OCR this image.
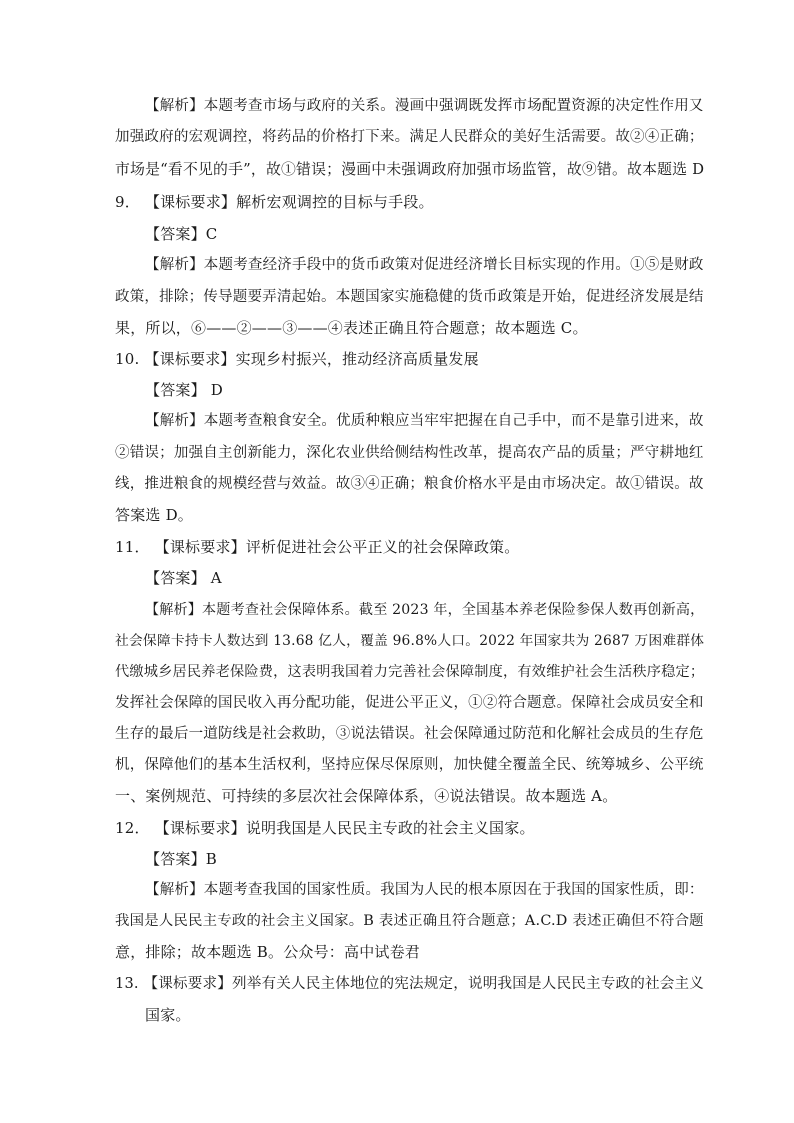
【解析】本题考查市场与政府的关系。漫画中强调既发挥市场配置资源的决定性作用又
加强政府的宏观调控，将药品的价格打下来。满足人民群众的美好生活需要。故②④正确；
市场是“看不见的手”，故①错误；漫画中未强调政府加强市场监管，故⑨错。故本题选 D
9． 【课标要求】解析宏观调控的目标与手段。
【答案】C
【解析】本题考查经济手段中的货币政策对促进经济增长目标实现的作用。①⑤是财政
政策，排除；传导题要弄清起始。本题国家实施稳健的货币政策是开始，促进经济发展是结
果，所以，⑥——②——③——④表述正确且符合题意；故本题选 C。
10. 【课标要求】实现乡村振兴，推动经济高质量发展
【答案】 D
【解析】本题考查粮食安全。优质种粮应当牢牢把握在自己手中，而不是靠引进来，故
②错误；加强自主创新能力，深化农业供给侧结构性改革，提高农产品的质量；严守耕地红
线，推进粮食的规模经营与效益。故③④正确；粮食价格水平是由市场决定。故①错误。故
答案选 D。
11． 【课标要求】评析促进社会公平正义的社会保障政策。
【答案】 A
【解析】本题考查社会保障体系。截至 2023 年，全国基本养老保险参保人数再创新高，
社会保障卡持卡人数达到 13.68 亿人，覆盖 96.8%人口。2022 年国家共为 2687 万困难群体
代缴城乡居民养老保险费，这表明我国着力完善社会保障制度，有效维护社会生活秩序稳定；
发挥社会保障的国民收入再分配功能，促进公平正义，①②符合题意。保障社会成员安全和
生存的最后一道防线是社会救助，③说法错误。社会保障通过防范和化解社会成员的生存危
机，保障他们的基本生活权利，坚持应保尽保原则，加快健全覆盖全民、统筹城乡、公平统
一、案例规范、可持续的多层次社会保障体系，④说法错误。故本题选 A。
12． 【课标要求】说明我国是人民民主专政的社会主义国家。
【答案】B
【解析】本题考查我国的国家性质。我国为人民的根本原因在于我国的国家性质，即：
我国是人民民主专政的社会主义国家。B 表述正确且符合题意；A.C.D 表述正确但不符合题
意，排除；故本题选 B。公众号：高中试卷君
13. 【课标要求】列举有关人民主体地位的宪法规定，说明我国是人民民主专政的社会主义
国家。
